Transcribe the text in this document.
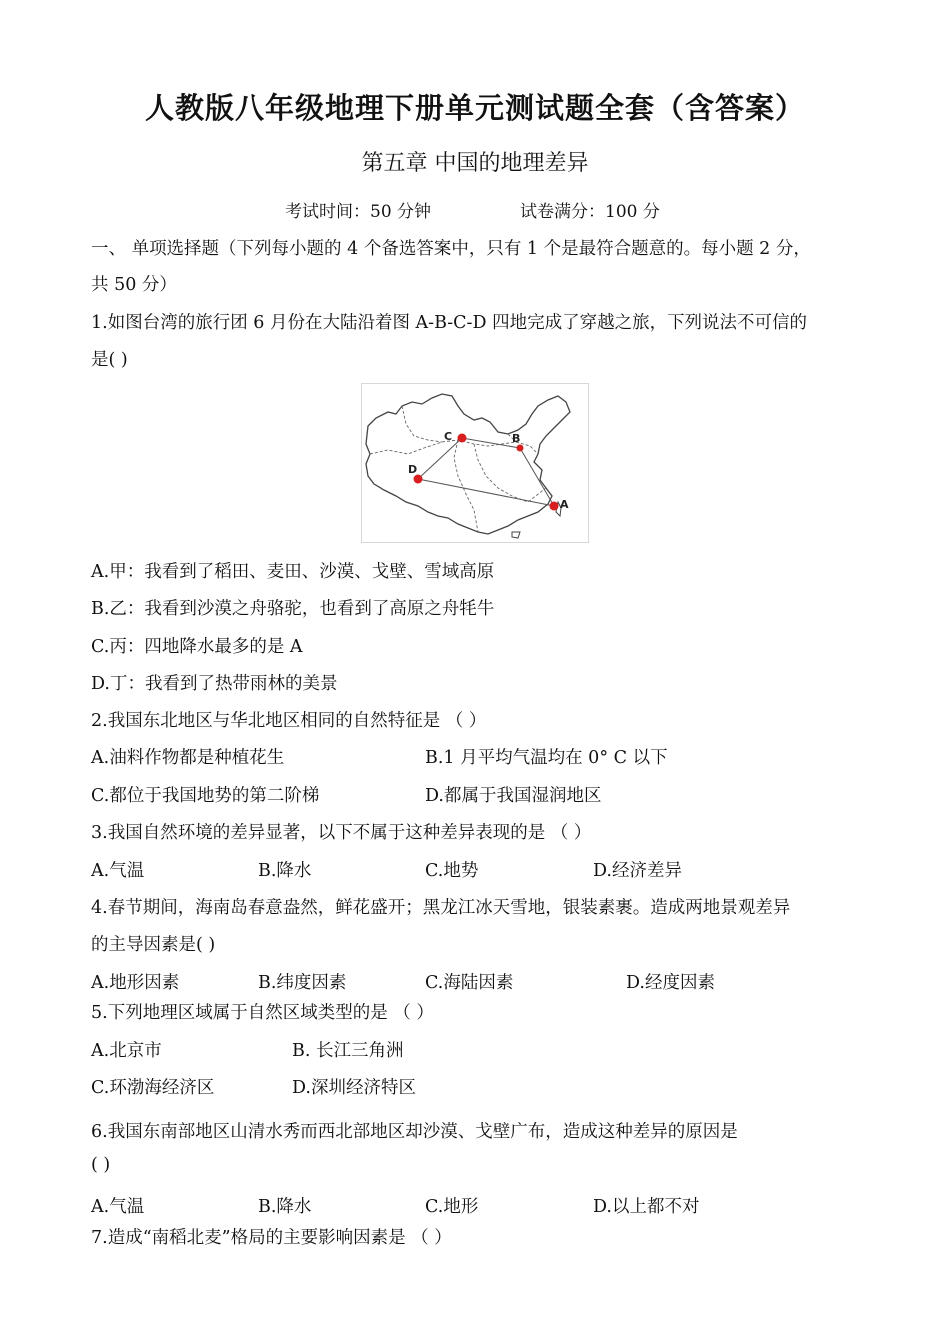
人教版八年级地理下册单元测试题全套（含答案）
第五章 中国的地理差异
考试时间：50 分钟	试卷满分：100 分
一、 单项选择题（下列每小题的 4 个备选答案中，只有 1 个是最符合题意的。每小题 2 分，
共 50 分）
1.如图台湾的旅行团 6 月份在大陆沿着图 A-B-C-D 四地完成了穿越之旅，下列说法不可信的
是( )
A
B
C
D
A.甲：我看到了稻田、麦田、沙漠、戈壁、雪域高原
B.乙：我看到沙漠之舟骆驼，也看到了高原之舟牦牛
C.丙：四地降水最多的是 A
D.丁：我看到了热带雨林的美景
2.我国东北地区与华北地区相同的自然特征是 （ ）
A.油料作物都是种植花生	B.1 月平均气温均在 0° C 以下
C.都位于我国地势的第二阶梯	D.都属于我国湿润地区
3.我国自然环境的差异显著，以下不属于这种差异表现的是 （ ）
A.气温	B.降水	C.地势	D.经济差异
4.春节期间，海南岛春意盎然，鲜花盛开；黑龙江冰天雪地，银装素裹。造成两地景观差异
的主导因素是( )
A.地形因素	B.纬度因素	C.海陆因素	D.经度因素
5.下列地理区域属于自然区域类型的是 （ ）
A.北京市	B. 长江三角洲
C.环渤海经济区	D.深圳经济特区
6.我国东南部地区山清水秀而西北部地区却沙漠、戈壁广布，造成这种差异的原因是
( )
A.气温	B.降水	C.地形	D.以上都不对
7.造成“南稻北麦”格局的主要影响因素是 （ ）
